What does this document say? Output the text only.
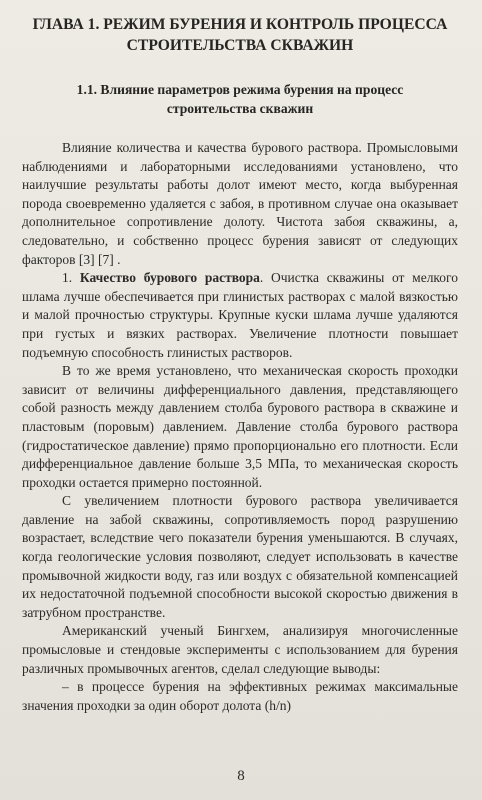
ГЛАВА 1. РЕЖИМ БУРЕНИЯ И КОНТРОЛЬ ПРОЦЕССА
СТРОИТЕЛЬСТВА СКВАЖИН
1.1. Влияние параметров режима бурения на процесс
строительства скважин

Влияние количества и качества бурового раствора. Промысловыми наблюдениями и лабораторными исследованиями установлено, что наилучшие результаты работы долот имеют место, когда выбуренная порода своевременно удаляется с забоя, в противном случае она оказывает дополнительное сопротивление долоту. Чистота забоя скважины, а, следовательно, и собственно процесс бурения зависят от следующих факторов [3] [7] .

1. Качество бурового раствора. Очистка скважины от мелкого шлама лучше обеспечивается при глинистых растворах с малой вязкостью и малой прочностью структуры. Крупные куски шлама лучше удаляются при густых и вязких растворах. Увеличение плотности повышает подъемную способность глинистых растворов.

В то же время установлено, что механическая скорость проходки зависит от величины дифференциального давления, представляющего собой разность между давлением столба бурового раствора в скважине и пластовым (поровым) давлением. Давление столба бурового раствора (гидростатическое давление) прямо пропорционально его плотности. Если дифференциальное давление больше 3,5 МПа, то механическая скорость проходки остается примерно постоянной.

С увеличением плотности бурового раствора увеличивается давление на забой скважины, сопротивляемость пород разрушению возрастает, вследствие чего показатели бурения уменьшаются. В случаях, когда геологические условия позволяют, следует использовать в качестве промывочной жидкости воду, газ или воздух с обязательной компенсацией их недостаточной подъемной способности высокой скоростью движения в затрубном пространстве.

Американский ученый Бингхем, анализируя многочисленные промысловые и стендовые эксперименты с использованием для бурения различных промывочных агентов, сделал следующие выводы:

– в процессе бурения на эффективных режимах максимальные значения проходки за один оборот долота (h/n)

8
